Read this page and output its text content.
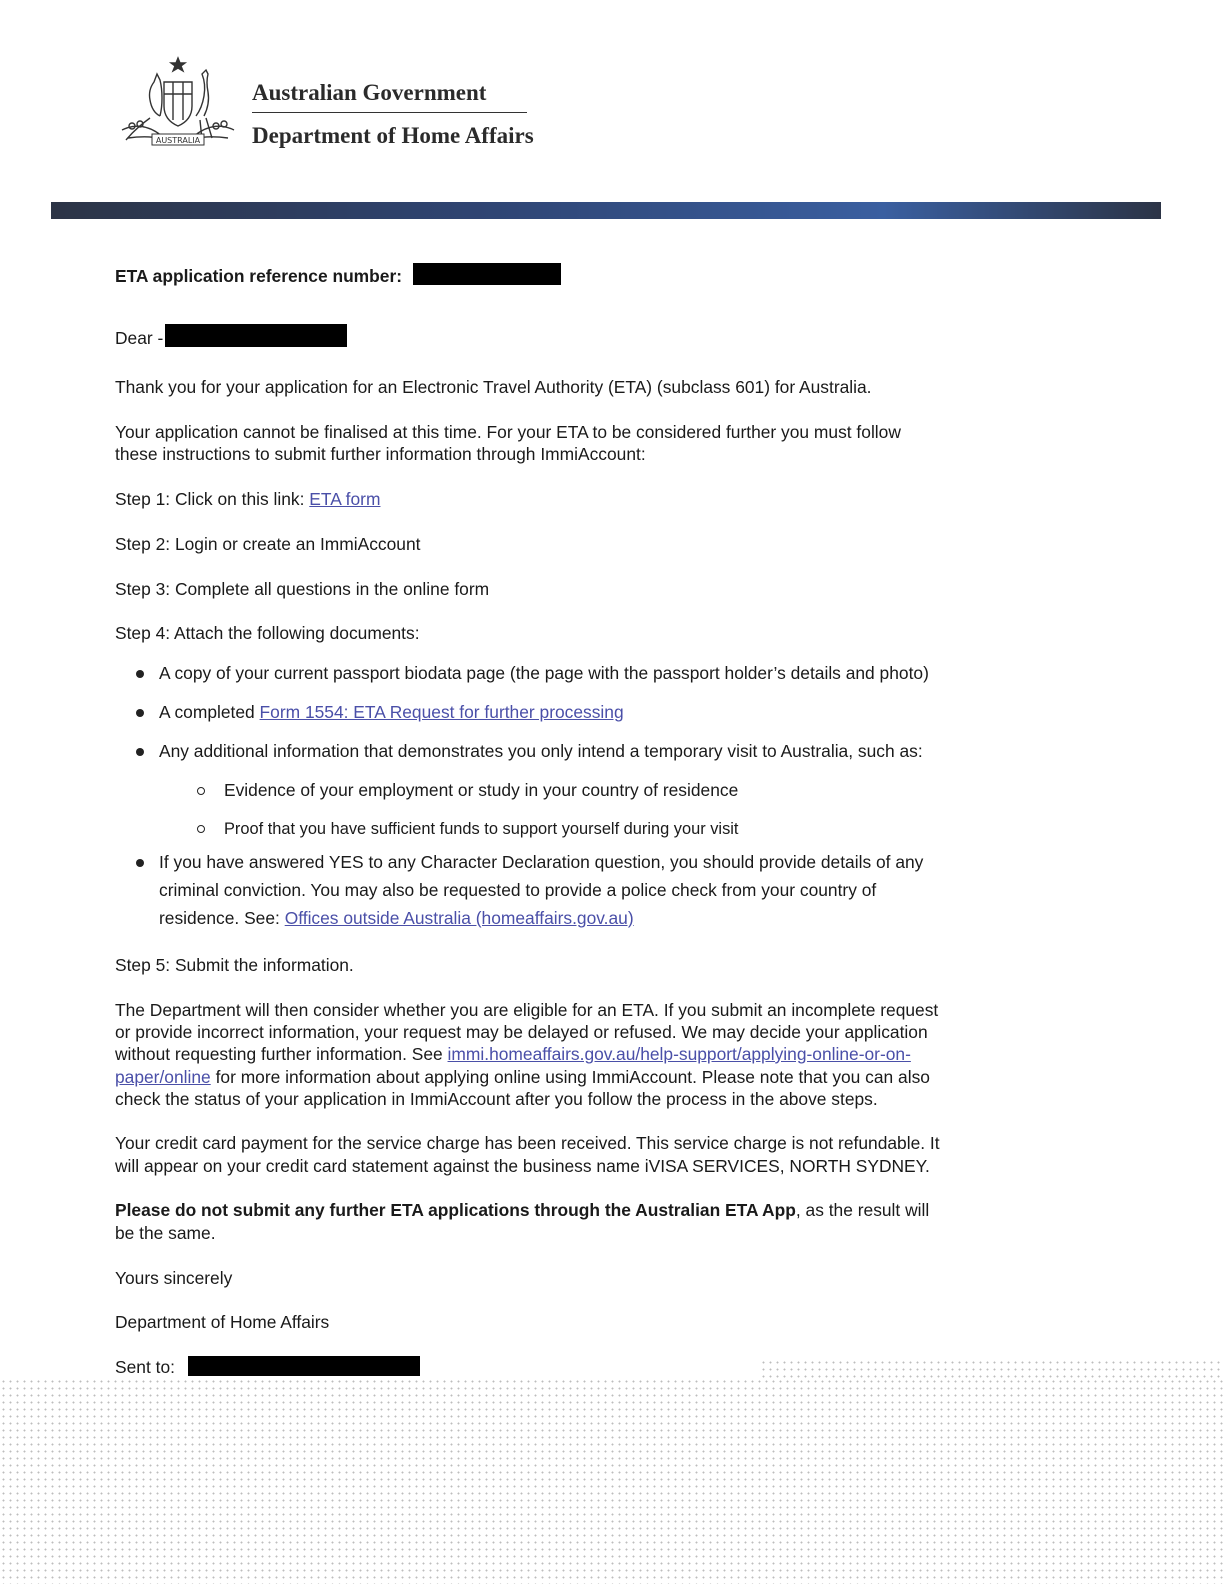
AUSTRALIA
Australian Government
Department of Home Affairs

ETA application reference number:

Dear -

Thank you for your application for an Electronic Travel Authority (ETA) (subclass 601) for Australia.

Your application cannot be finalised at this time. For your ETA to be considered further you must follow

these instructions to submit further information through ImmiAccount:

Step 1: Click on this link: ETA form

Step 2: Login or create an ImmiAccount

Step 3: Complete all questions in the online form

Step 4: Attach the following documents:

A copy of your current passport biodata page (the page with the passport holder’s details and photo)

A completed Form 1554: ETA Request for further processing

Any additional information that demonstrates you only intend a temporary visit to Australia, such as:

Evidence of your employment or study in your country of residence

Proof that you have sufficient funds to support yourself during your visit

If you have answered YES to any Character Declaration question, you should provide details of any

criminal conviction. You may also be requested to provide a police check from your country of

residence. See: Offices outside Australia (homeaffairs.gov.au)

Step 5: Submit the information.

The Department will then consider whether you are eligible for an ETA. If you submit an incomplete request

or provide incorrect information, your request may be delayed or refused. We may decide your application

without requesting further information. See immi.homeaffairs.gov.au/help-support/applying-online-or-on-

paper/online for more information about applying online using ImmiAccount. Please note that you can also

check the status of your application in ImmiAccount after you follow the process in the above steps.

Your credit card payment for the service charge has been received. This service charge is not refundable. It

will appear on your credit card statement against the business name iVISA SERVICES, NORTH SYDNEY.

Please do not submit any further ETA applications through the Australian ETA App, as the result will

be the same.

Yours sincerely

Department of Home Affairs

Sent to:
